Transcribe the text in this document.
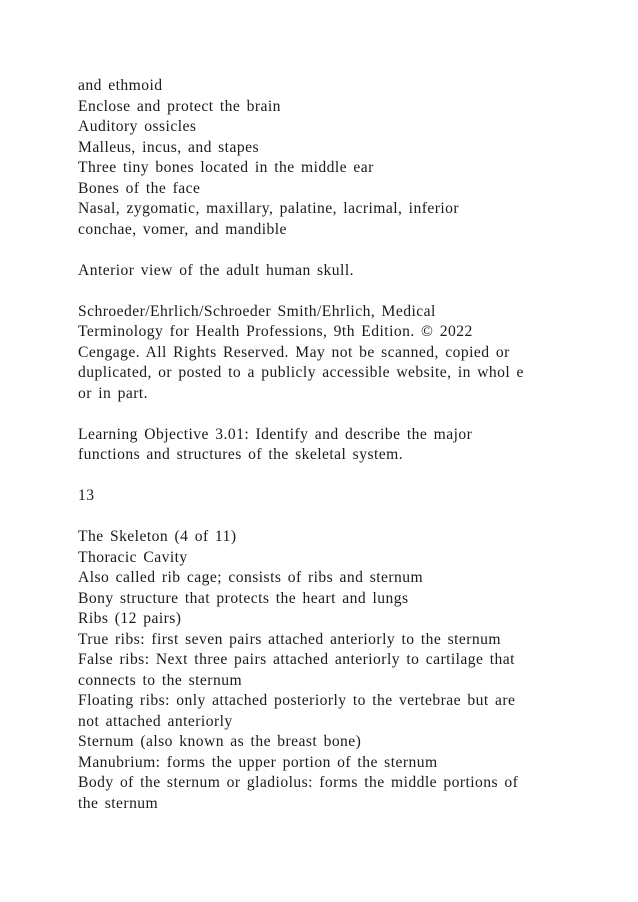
and ethmoid
Enclose and protect the brain
Auditory ossicles
Malleus, incus, and stapes
Three tiny bones located in the middle ear
Bones of the face
Nasal, zygomatic, maxillary, palatine, lacrimal, inferior
conchae, vomer, and mandible
Anterior view of the adult human skull.
Schroeder/Ehrlich/Schroeder Smith/Ehrlich, Medical
Terminology for Health Professions, 9th Edition. © 2022
Cengage. All Rights Reserved. May not be scanned, copied or
duplicated, or posted to a publicly accessible website, in whol e
or in part.
Learning Objective 3.01: Identify and describe the major
functions and structures of the skeletal system.
13
The Skeleton (4 of 11)
Thoracic Cavity
Also called rib cage; consists of ribs and sternum
Bony structure that protects the heart and lungs
Ribs (12 pairs)
True ribs: first seven pairs attached anteriorly to the sternum
False ribs: Next three pairs attached anteriorly to cartilage that
connects to the sternum
Floating ribs: only attached posteriorly to the vertebrae but are
not attached anteriorly
Sternum (also known as the breast bone)
Manubrium: forms the upper portion of the sternum
Body of the sternum or gladiolus: forms the middle portions of
the sternum
